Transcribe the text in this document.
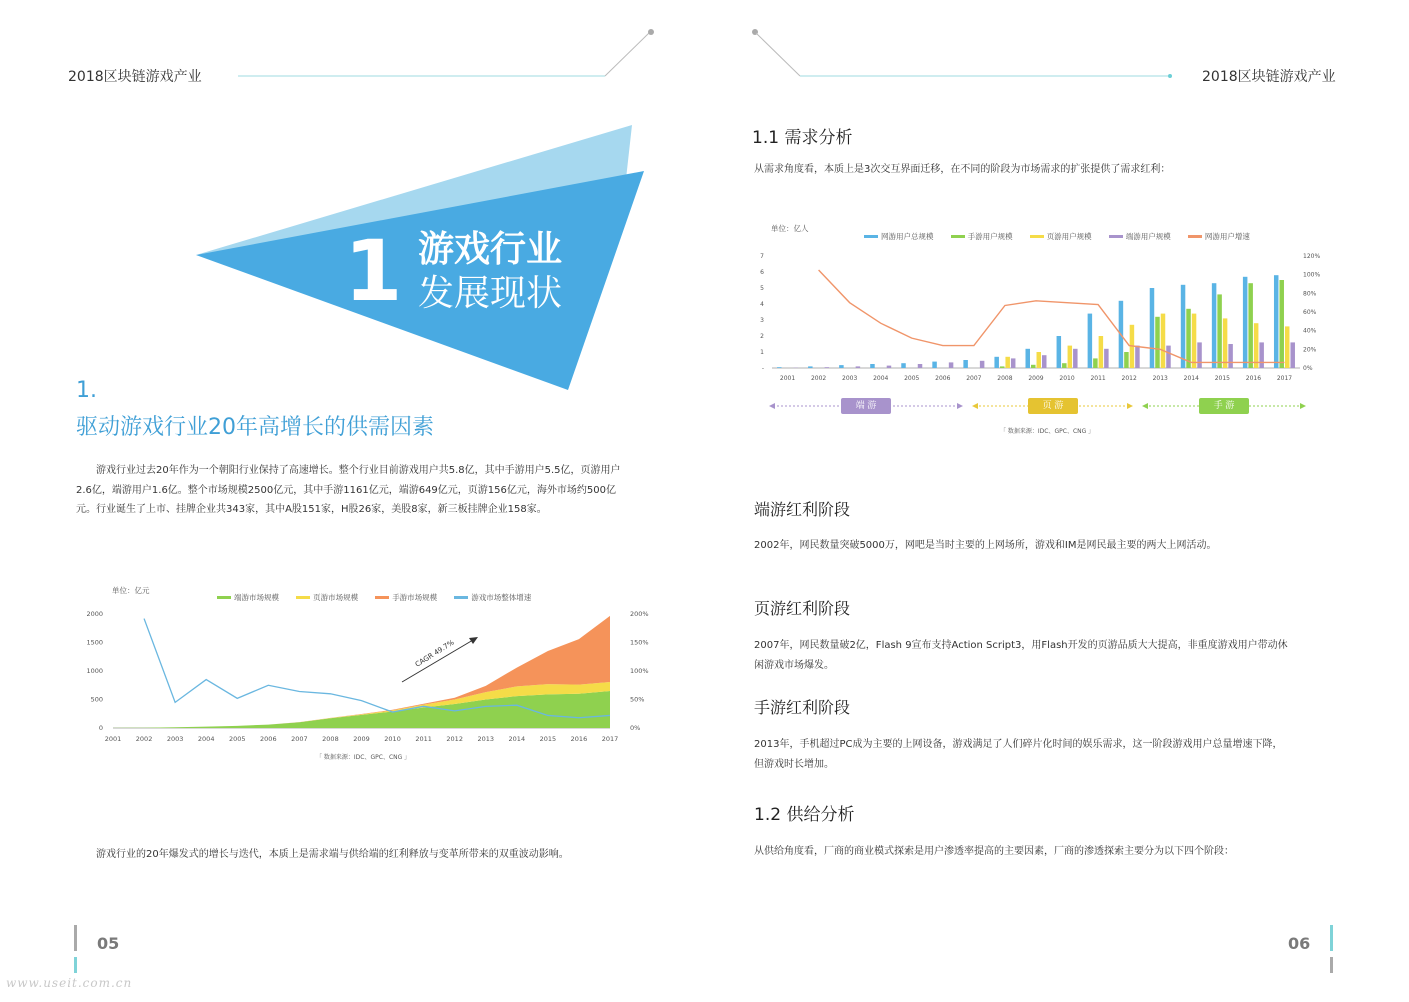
2018区块链游戏产业	2018区块链游戏产业
1 游戏行业
发展现状
1.
驱动游戏行业20年高增长的供需因素
游戏行业过去20年作为一个朝阳行业保持了高速增长。整个行业目前游戏用户共5.8亿，其中手游用户5.5亿，页游用户
2.6亿，端游用户1.6亿。整个市场规模2500亿元，其中手游1161亿元，端游649亿元，页游156亿元，海外市场约500亿
元。行业诞生了上市、挂牌企业共343家，其中A股151家，H股26家，美股8家，新三板挂牌企业158家。
单位：亿元
端游市场规模
	页游市场规模
	手游市场规模
	游戏市场整体增速
0
500
1000
1500
2000
0%
50%
100%
150%
200%
2001 2002 2003 2004 2005 2006 2007 2008 2009 2010 2011 2012 2013 2014 2015 2016 2017
CAGR 49.7%
「 数据来源：IDC、GPC、CNG 」
游戏行业的20年爆发式的增长与迭代，本质上是需求端与供给端的红利释放与变革所带来的双重波动影响。
05
1.1 需求分析
从需求角度看，本质上是3次交互界面迁移，在不同的阶段为市场需求的扩张提供了需求红利：
单位：亿人
网游用户总规模
	手游用户规模
	页游用户规模
	端游用户规模
	网游用户增速
-
1
2
3
4
5
6
7
0%
20%
40%
60%
80%
100%
120%
2001	2002	2003	2004	2005	2006	2007	2008	2009	2010	2011	2012	2013	2014	2015	2016	2017
端 游	页 游	手 游
「 数据来源：IDC、GPC、CNG 」
端游红利阶段
2002年，网民数量突破5000万，网吧是当时主要的上网场所，游戏和IM是网民最主要的两大上网活动。
页游红利阶段
2007年，网民数量破2亿，Flash 9宣布支持Action Script3，用Flash开发的页游品质大大提高，非重度游戏用户带动休
闲游戏市场爆发。
手游红利阶段
2013年，手机超过PC成为主要的上网设备，游戏满足了人们碎片化时间的娱乐需求，这一阶段游戏用户总量增速下降，
但游戏时长增加。
1.2 供给分析
从供给角度看，厂商的商业模式探索是用户渗透率提高的主要因素，厂商的渗透探索主要分为以下四个阶段：
06
www.useit.com.cn
